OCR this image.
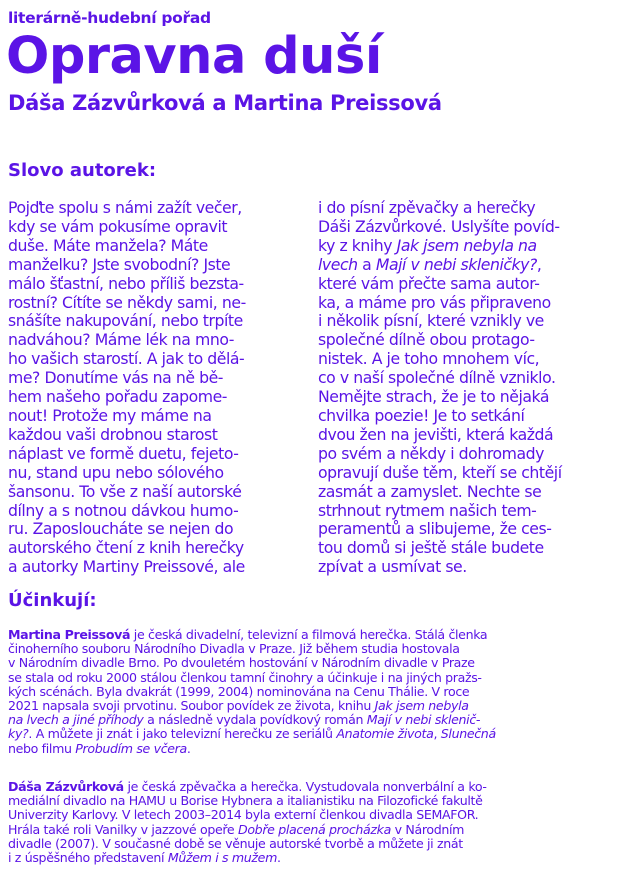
literárně-hudební pořad
Opravna duší
Dáša Zázvůrková a Martina Preissová
Slovo autorek:
Pojďte spolu s námi zažít večer,
kdy se vám pokusíme opravit
duše. Máte manžela? Máte
manželku? Jste svobodní? Jste
málo šťastní, nebo příliš bezsta-
rostní? Cítíte se někdy sami, ne-
snášíte nakupování, nebo trpíte
nadváhou? Máme lék na mno-
ho vašich starostí. A jak to dělá-
me? Donutíme vás na ně bě-
hem našeho pořadu zapome-
nout! Protože my máme na
každou vaši drobnou starost
náplast ve formě duetu, fejeto-
nu, stand upu nebo sólového
šansonu. To vše z naší autorské
dílny a s notnou dávkou humo-
ru. Zaposloucháte se nejen do
autorského čtení z knih herečky
a autorky Martiny Preissové, ale
i do písní zpěvačky a herečky
Dáši Zázvůrkové. Uslyšíte povíd-
ky z knihy Jak jsem nebyla na
lvech a Mají v nebi skleničky?,
které vám přečte sama autor-
ka, a máme pro vás připraveno
i několik písní, které vznikly ve
společné dílně obou protago-
nistek. A je toho mnohem víc,
co v naší společné dílně vzniklo.
Nemějte strach, že je to nějaká
chvilka poezie! Je to setkání
dvou žen na jevišti, která každá
po svém a někdy i dohromady
opravují duše těm, kteří se chtějí
zasmát a zamyslet. Nechte se
strhnout rytmem našich tem-
peramentů a slibujeme, že ces-
tou domů si ještě stále budete
zpívat a usmívat se.
Účinkují:
Martina Preissová je česká divadelní, televizní a filmová herečka. Stálá členka
činoherního souboru Národního Divadla v Praze. Již během studia hostovala
v Národním divadle Brno. Po dvouletém hostování v Národním divadle v Praze
se stala od roku 2000 stálou členkou tamní činohry a účinkuje i na jiných pražs-
kých scénách. Byla dvakrát (1999, 2004) nominována na Cenu Thálie. V roce
2021 napsala svoji prvotinu. Soubor povídek ze života, knihu Jak jsem nebyla
na lvech a jiné příhody a následně vydala povídkový román Mají v nebi sklenič-
ky?. A můžete ji znát i jako televizní herečku ze seriálů Anatomie života, Slunečná
nebo filmu Probudím se včera.
Dáša Zázvůrková je česká zpěvačka a herečka. Vystudovala nonverbální a ko-
mediální divadlo na HAMU u Borise Hybnera a italianistiku na Filozofické fakultě
Univerzity Karlovy. V letech 2003–2014 byla externí členkou divadla SEMAFOR.
Hrála také roli Vanilky v jazzové opeře Dobře placená procházka v Národním
divadle (2007). V současné době se věnuje autorské tvorbě a můžete ji znát
i z úspěšného představení Můžem i s mužem.
